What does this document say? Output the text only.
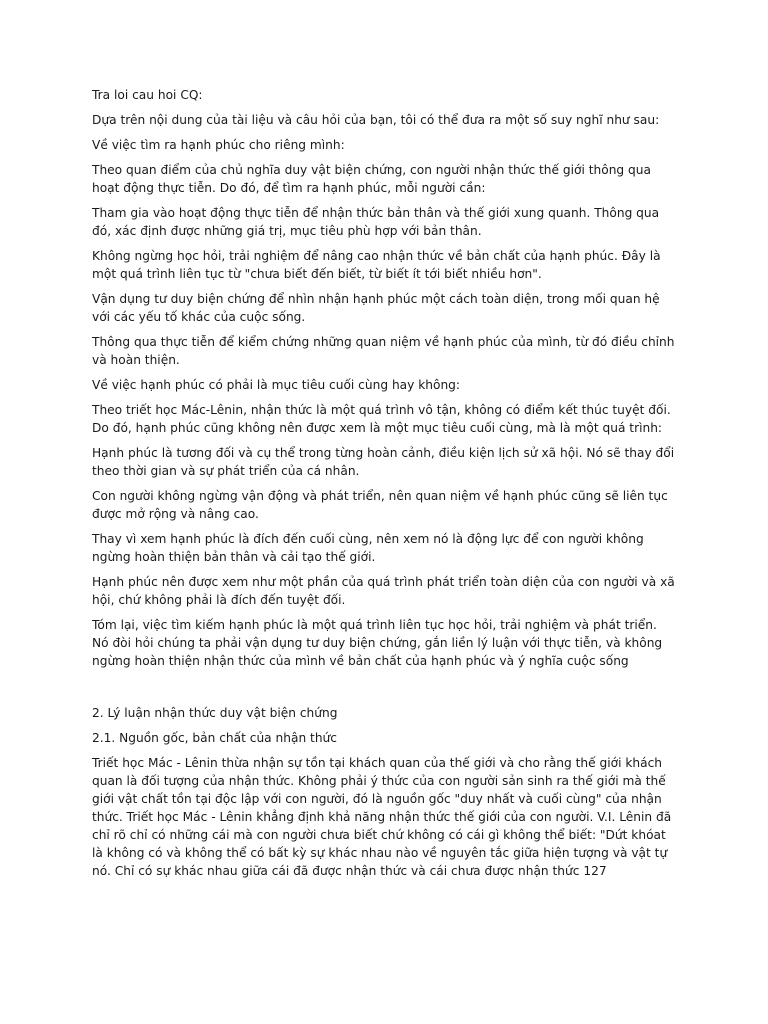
Tra loi cau hoi CQ:

Dựa trên nội dung của tài liệu và câu hỏi của bạn, tôi có thể đưa ra một số suy nghĩ như sau:

Về việc tìm ra hạnh phúc cho riêng mình:

Theo quan điểm của chủ nghĩa duy vật biện chứng, con người nhận thức thế giới thông qua hoạt động thực tiễn. Do đó, để tìm ra hạnh phúc, mỗi người cần:

Tham gia vào hoạt động thực tiễn để nhận thức bản thân và thế giới xung quanh. Thông qua đó, xác định được những giá trị, mục tiêu phù hợp với bản thân.

Không ngừng học hỏi, trải nghiệm để nâng cao nhận thức về bản chất của hạnh phúc. Đây là một quá trình liên tục từ "chưa biết đến biết, từ biết ít tới biết nhiều hơn".

Vận dụng tư duy biện chứng để nhìn nhận hạnh phúc một cách toàn diện, trong mối quan hệ với các yếu tố khác của cuộc sống.

Thông qua thực tiễn để kiểm chứng những quan niệm về hạnh phúc của mình, từ đó điều chỉnh và hoàn thiện.

Về việc hạnh phúc có phải là mục tiêu cuối cùng hay không:

Theo triết học Mác-Lênin, nhận thức là một quá trình vô tận, không có điểm kết thúc tuyệt đối. Do đó, hạnh phúc cũng không nên được xem là một mục tiêu cuối cùng, mà là một quá trình:

Hạnh phúc là tương đối và cụ thể trong từng hoàn cảnh, điều kiện lịch sử xã hội. Nó sẽ thay đổi theo thời gian và sự phát triển của cá nhân.

Con người không ngừng vận động và phát triển, nên quan niệm về hạnh phúc cũng sẽ liên tục được mở rộng và nâng cao.

Thay vì xem hạnh phúc là đích đến cuối cùng, nên xem nó là động lực để con người không ngừng hoàn thiện bản thân và cải tạo thế giới.

Hạnh phúc nên được xem như một phần của quá trình phát triển toàn diện của con người và xã hội, chứ không phải là đích đến tuyệt đối.

Tóm lại, việc tìm kiếm hạnh phúc là một quá trình liên tục học hỏi, trải nghiệm và phát triển. Nó đòi hỏi chúng ta phải vận dụng tư duy biện chứng, gắn liền lý luận với thực tiễn, và không ngừng hoàn thiện nhận thức của mình về bản chất của hạnh phúc và ý nghĩa cuộc sống

2. Lý luận nhận thức duy vật biện chứng

2.1. Nguồn gốc, bản chất của nhận thức

Triết học Mác - Lênin thừa nhận sự tồn tại khách quan của thế giới và cho rằng thế giới khách quan là đối tượng của nhận thức. Không phải ý thức của con người sản sinh ra thế giới mà thế giới vật chất tồn tại độc lập với con người, đó là nguồn gốc "duy nhất và cuối cùng" của nhận thức. Triết học Mác - Lênin khẳng định khả năng nhận thức thế giới của con người. V.I. Lênin đã chỉ rõ chỉ có những cái mà con người chưa biết chứ không có cái gì không thể biết: "Dứt khóat là không có và không thể có bất kỳ sự khác nhau nào về nguyên tắc giữa hiện tượng và vật tự nó. Chỉ có sự khác nhau giữa cái đã được nhận thức và cái chưa được nhận thức 127
